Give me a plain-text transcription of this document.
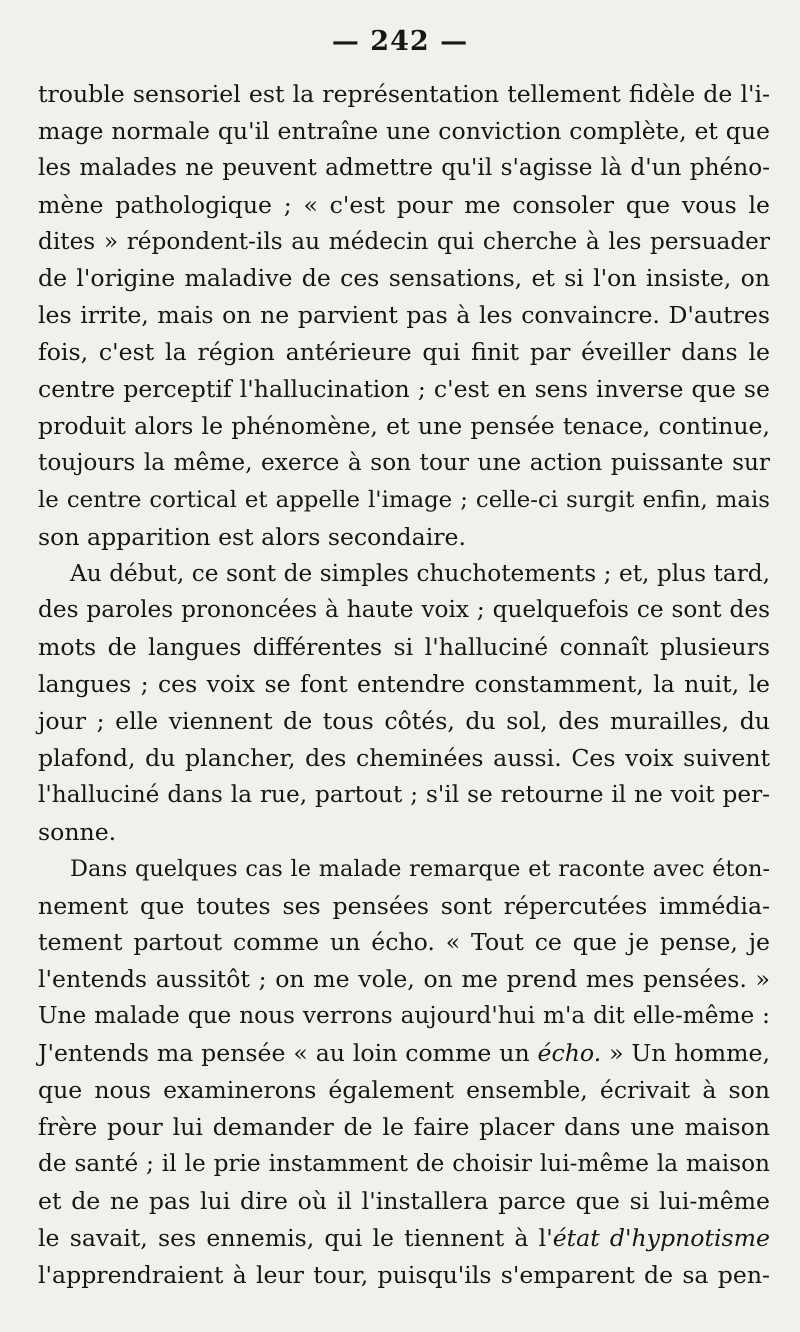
— 242 —
trouble sensoriel est la représentation tellement fidèle de l'i-
mage normale qu'il entraîne une conviction complète, et que
les malades ne peuvent admettre qu'il s'agisse là d'un phéno-
mène pathologique ; « c'est pour me consoler que vous le
dites » répondent-ils au médecin qui cherche à les persuader
de l'origine maladive de ces sensations, et si l'on insiste, on
les irrite, mais on ne parvient pas à les convaincre. D'autres
fois, c'est la région antérieure qui finit par éveiller dans le
centre perceptif l'hallucination ; c'est en sens inverse que se
produit alors le phénomène, et une pensée tenace, continue,
toujours la même, exerce à son tour une action puissante sur
le centre cortical et appelle l'image ; celle-ci surgit enfin, mais
son apparition est alors secondaire.
Au début, ce sont de simples chuchotements ; et, plus tard,
des paroles prononcées à haute voix ; quelquefois ce sont des
mots de langues différentes si l'halluciné connaît plusieurs
langues ; ces voix se font entendre constamment, la nuit, le
jour ; elle viennent de tous côtés, du sol, des murailles, du
plafond, du plancher, des cheminées aussi. Ces voix suivent
l'halluciné dans la rue, partout ; s'il se retourne il ne voit per-
sonne.
Dans quelques cas le malade remarque et raconte avec éton-
nement que toutes ses pensées sont répercutées immédia-
tement partout comme un écho. « Tout ce que je pense, je
l'entends aussitôt ; on me vole, on me prend mes pensées. »
Une malade que nous verrons aujourd'hui m'a dit elle-même :
J'entends ma pensée « au loin comme un écho. » Un homme,
que nous examinerons également ensemble, écrivait à son
frère pour lui demander de le faire placer dans une maison
de santé ; il le prie instamment de choisir lui-même la maison
et de ne pas lui dire où il l'installera parce que si lui-même
le savait, ses ennemis, qui le tiennent à l'état d'hypnotisme
l'apprendraient à leur tour, puisqu'ils s'emparent de sa pen-
